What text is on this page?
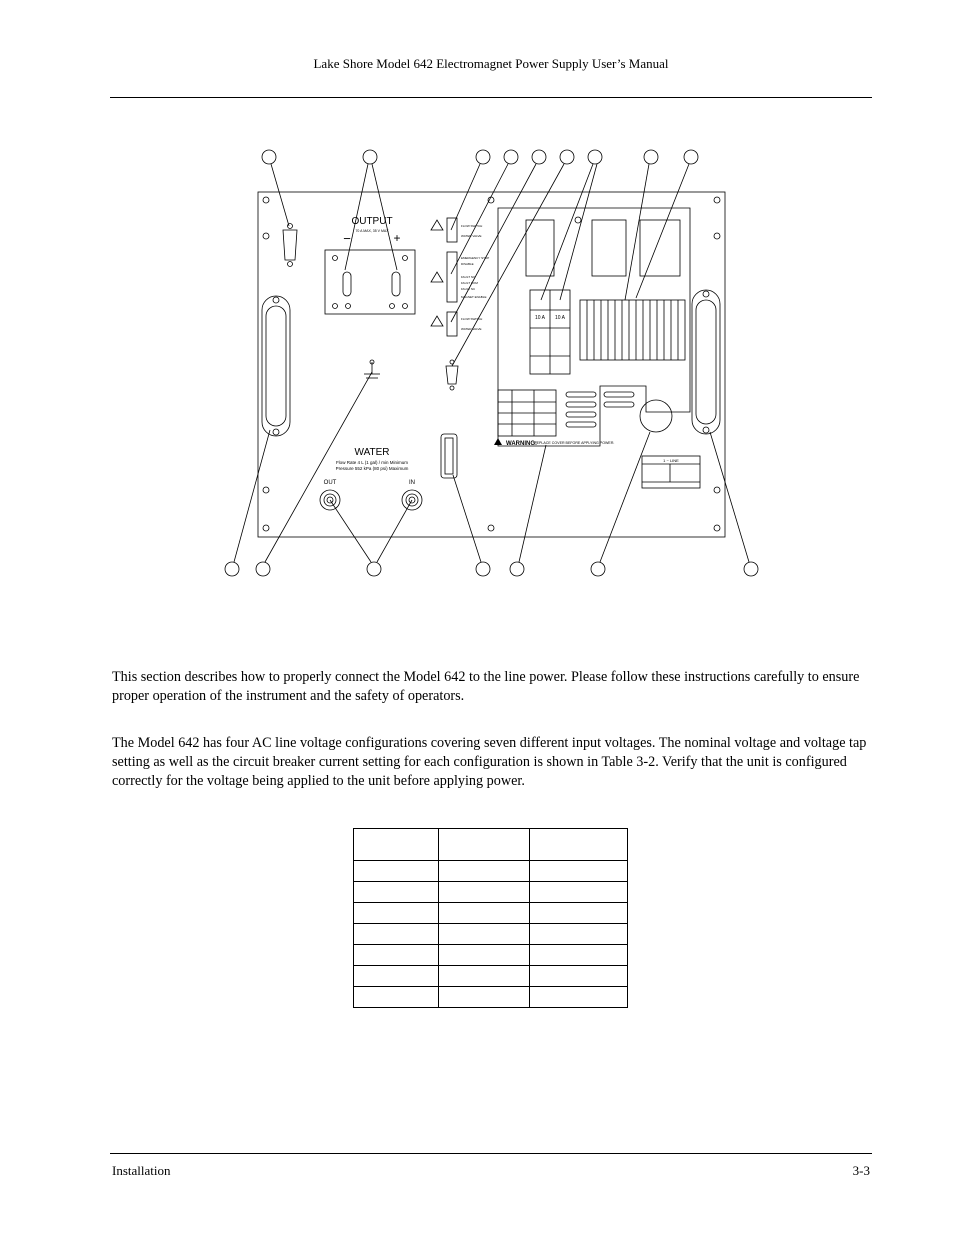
Lake Shore Model 642 Electromagnet Power Supply User’s Manual
OUTPUT
70 A MAX, 35 V MAX
−	+
WATER
Flow Rate 4 L (1 gal) / min Minimum
Pressure 552 kPa (80 psi) Maximum
OUT	IN
WARNING:
REPLACE COVER BEFORE APPLYING POWER.
10 A 10 A
1 ~ LINE
FLOW SWITCH
WATER VALVE
EMERGENCY STOP
DISABLE
FAULT NO
FAULT COM
FAULT NC
MAGNET ENABLE
FLOW SWITCH
WATER VALVE
This section describes how to properly connect the Model 642 to the line power. Please follow these instructions carefully to ensure proper operation of the instrument and the safety of operators.
The Model 642 has four AC line voltage configurations covering seven different input voltages. The nominal voltage and voltage tap setting as well as the circuit breaker current setting for each configuration is shown in Table 3-2. Verify that the unit is configured correctly for the voltage being applied to the unit before applying power.

Installation	3-3
